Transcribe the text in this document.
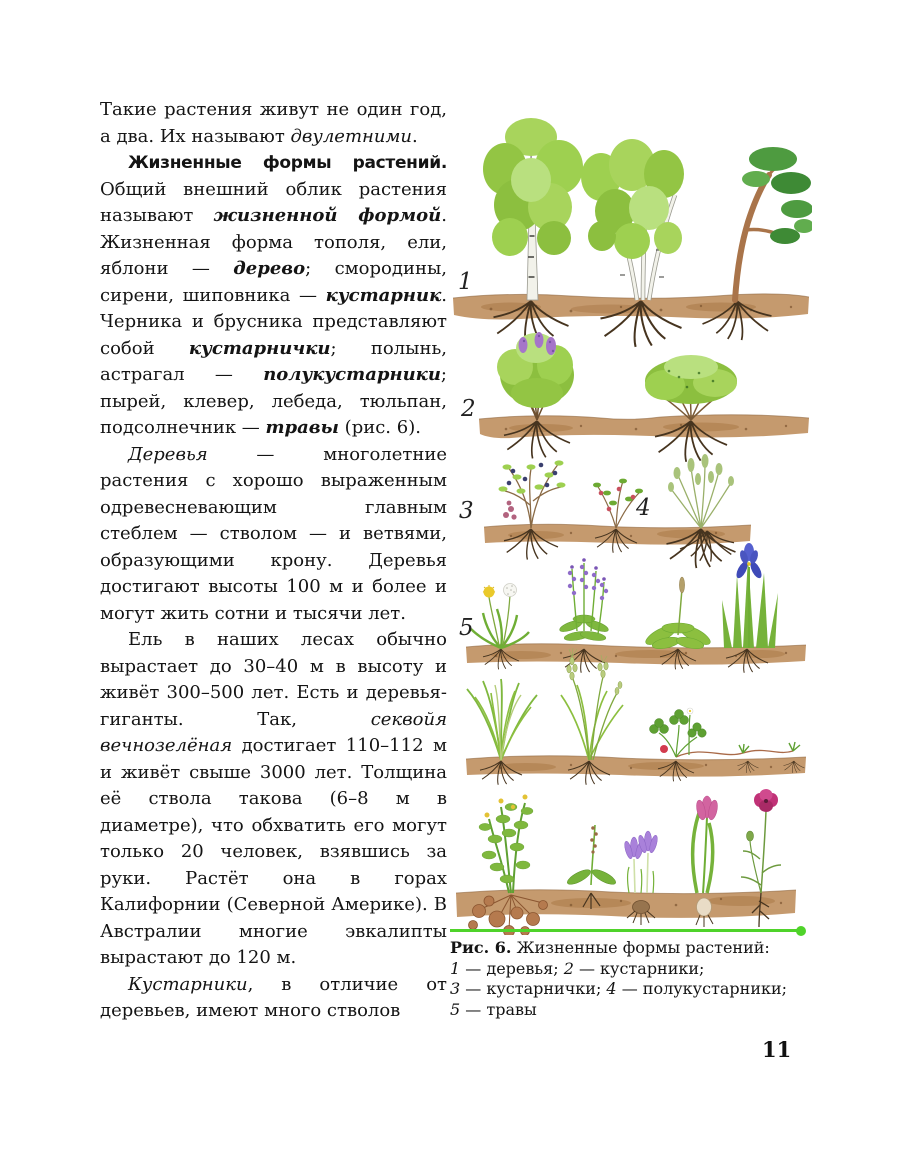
Такие растения живут не один год, а два. Их называют двулетними.

Жизненные формы растений. Общий внешний облик растения называют жизненной формой. Жизненная форма тополя, ели, яблони — дерево; смородины, сирени, шиповника — кустарник. Черника и брусника представляют собой кустарнички; полынь, астрагал — полукустарники; пырей, клевер, лебеда, тюльпан, подсолнечник — травы (рис. 6).

Деревья — многолетние растения с хорошо выраженным одревесневающим главным стеблем — стволом — и ветвями, образующими крону. Деревья достигают высоты 100 м и более и могут жить сотни и тысячи лет.

Ель в наших лесах обычно вырастает до 30–40 м в высоту и живёт 300–500 лет. Есть и деревья-гиганты. Так, секвойя вечнозелёная достигает 110–112 м и живёт свыше 3000 лет. Толщина её ствола такова (6–8 м в диаметре), что обхватить его могут только 20 человек, взявшись за руки. Растёт она в горах Калифорнии (Северной Америке). В Австралии многие эвкалипты вырастают до 120 м.

Кустарники, в отличие от деревьев, имеют много стволов

1
2
3	4
5

Рис. 6. Жизненные формы растений:

1 — деревья; 2 — кустарники;

3 — кустарнички; 4 — полукустарники;

5 — травы

11
